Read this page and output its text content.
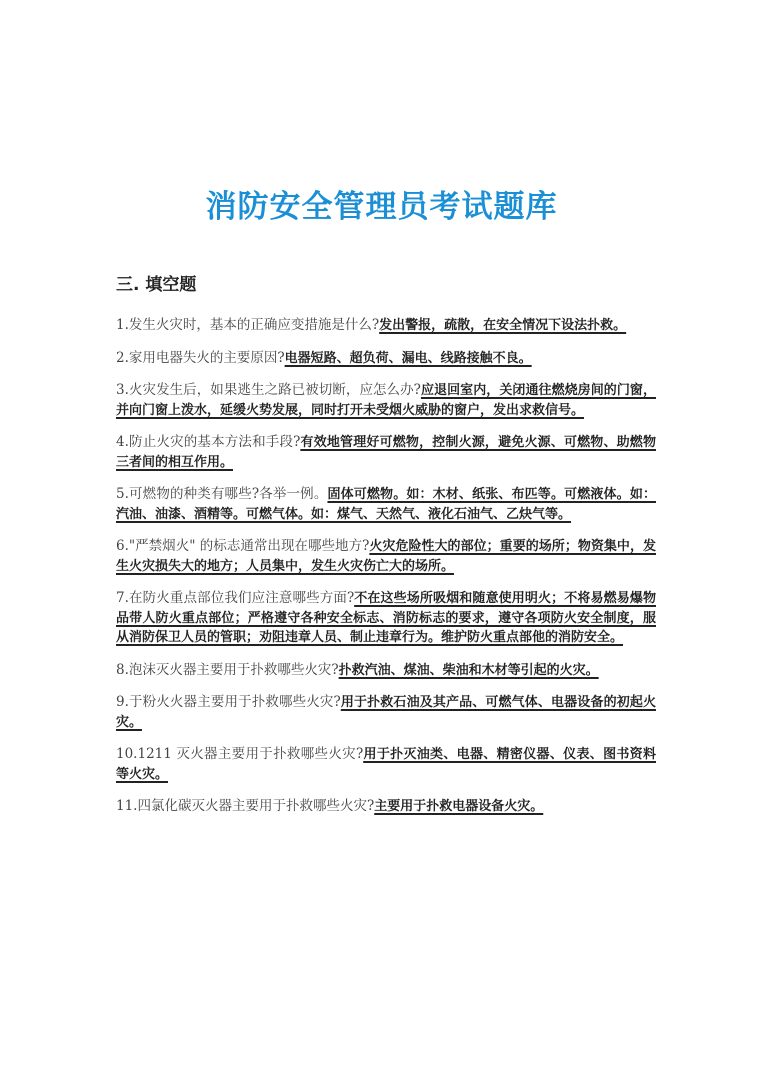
消防安全管理员考试题库
三. 填空题

1.发生火灾时，基本的正确应变措施是什么?发出警报，疏散，在安全情况下设法扑救。

2.家用电器失火的主要原因?电器短路、超负荷、漏电、线路接触不良。

3.火灾发生后，如果逃生之路已被切断，应怎么办?应退回室内，关闭通往燃烧房间的门窗，并向门窗上泼水，延缓火势发展，同时打开未受烟火威胁的窗户，发出求救信号。

4.防止火灾的基本方法和手段?有效地管理好可燃物，控制火源，避免火源、可燃物、助燃物三者间的相互作用。

5.可燃物的种类有哪些?各举一例。固体可燃物。如：木材、纸张、布匹等。可燃液体。如：汽油、油漆、酒精等。可燃气体。如：煤气、天然气、液化石油气、乙炔气等。

6."严禁烟火" 的标志通常出现在哪些地方?火灾危险性大的部位；重要的场所；物资集中，发生火灾损失大的地方；人员集中，发生火灾伤亡大的场所。

7.在防火重点部位我们应注意哪些方面?不在这些场所吸烟和随意使用明火；不将易燃易爆物品带人防火重点部位；严格遵守各种安全标志、消防标志的要求，遵守各项防火安全制度，服从消防保卫人员的管职；劝阻违章人员、制止违章行为。维护防火重点部他的消防安全。

8.泡沫灭火器主要用于扑救哪些火灾?扑救汽油、煤油、柴油和木材等引起的火灾。

9.于粉火火器主要用于扑救哪些火灾?用于扑救石油及其产品、可燃气体、电器设备的初起火灾。

10.1211 灭火器主要用于扑救哪些火灾?用于扑灭油类、电器、精密仪器、仪表、图书资料等火灾。

11.四氯化碳灭火器主要用于扑救哪些火灾?主要用于扑救电器设备火灾。
